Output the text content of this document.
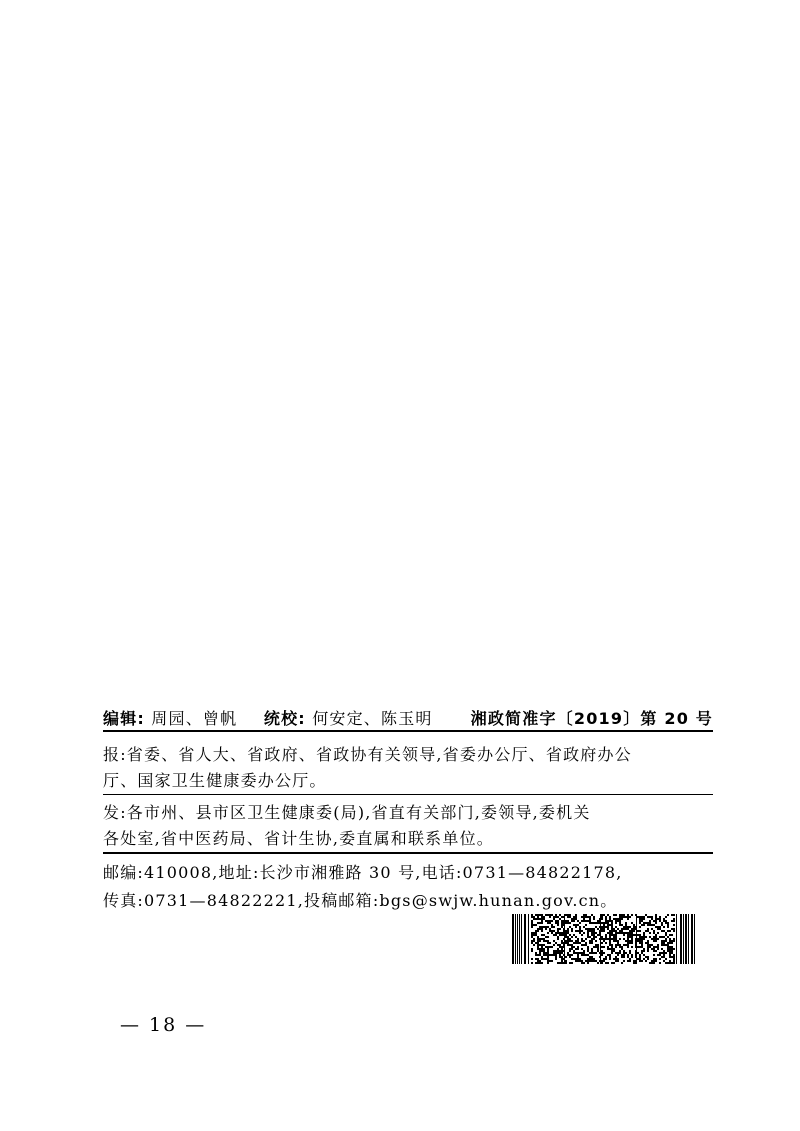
编辑: 周园、曾帆 统校: 何安定、陈玉明 湘政简准字〔2019〕第 20 号
报:省委、省人大、省政府、省政协有关领导,省委办公厅、省政府办公
厅、国家卫生健康委办公厅。
发:各市州、县市区卫生健康委(局),省直有关部门,委领导,委机关
各处室,省中医药局、省计生协,委直属和联系单位。
邮编:410008,地址:长沙市湘雅路 30 号,电话:0731—84822178,
传真:0731—84822221,投稿邮箱:bgs@swjw.hunan.gov.cn。
— 18 —
